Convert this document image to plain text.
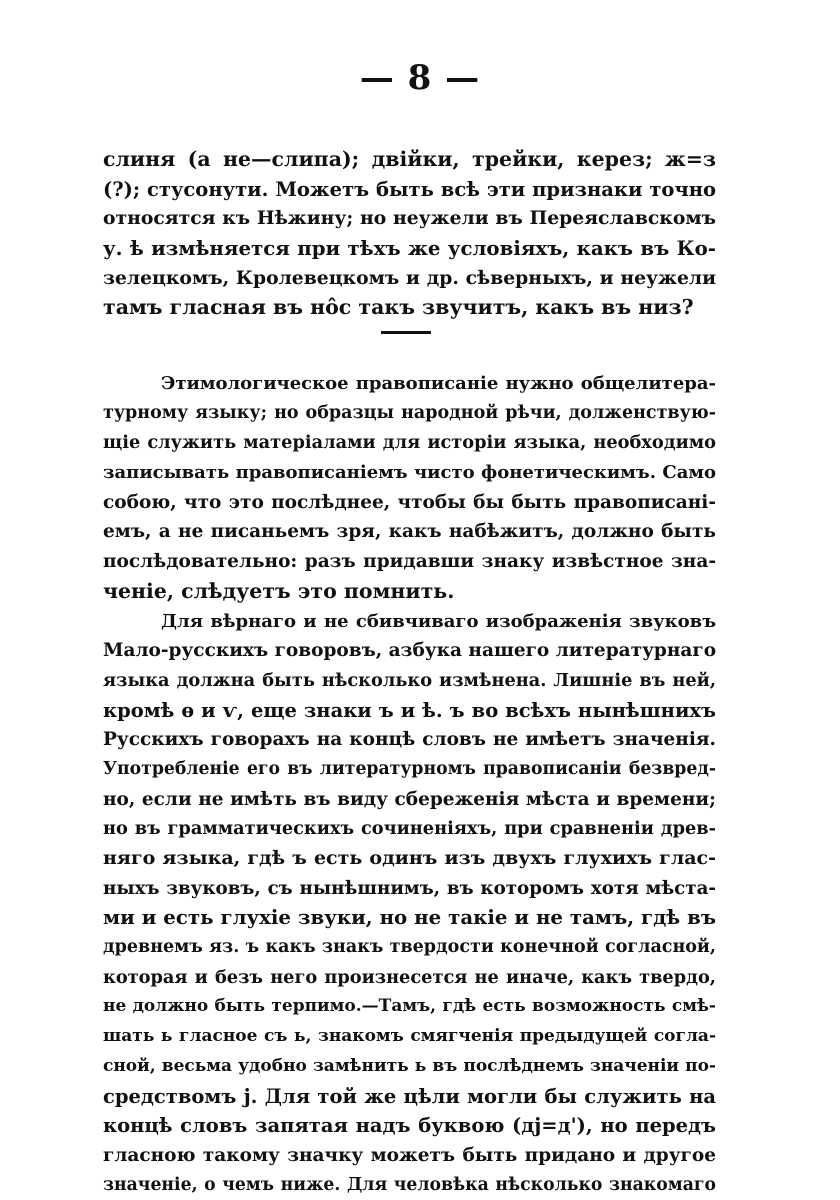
— 8 —
слиня (а не—слипа); двійки, трейки, керез; ж=з
(?); стусонути. Можетъ быть всѣ эти признаки точно
относятся къ Нѣжину; но неужели въ Переяславскомъ
у. ѣ измѣняется при тѣхъ же условіяхъ, какъ въ Ко-
зелецкомъ, Кролевецкомъ и др. сѣверныхъ, и неужели
тамъ гласная въ нôс такъ звучитъ, какъ въ низ?
Этимологическое правописаніе нужно общелитера-
турному языку; но образцы народной рѣчи, долженствую-
щіе служить матеріалами для исторіи языка, необходимо
записывать правописаніемъ чисто фонетическимъ. Само
собою, что это послѣднее, чтобы бы быть правописані-
емъ, а не писаньемъ зря, какъ набѣжитъ, должно быть
послѣдовательно: разъ придавши знаку извѣстное зна-
ченіе, слѣдуетъ это помнить.
Для вѣрнаго и не сбивчиваго изображенія звуковъ
Мало-русскихъ говоровъ, азбука нашего литературнаго
языка должна быть нѣсколько измѣнена. Лишніе въ ней,
кромѣ ѳ и ѵ, еще знаки ъ и ѣ. ъ во всѣхъ нынѣшнихъ
Русскихъ говорахъ на концѣ словъ не имѣетъ значенія.
Употребленіе его въ литературномъ правописаніи безвред-
но, если не имѣть въ виду сбереженія мѣста и времени;
но въ грамматическихъ сочиненіяхъ, при сравненіи древ-
няго языка, гдѣ ъ есть одинъ изъ двухъ глухихъ глас-
ныхъ звуковъ, съ нынѣшнимъ, въ которомъ хотя мѣста-
ми и есть глухіе звуки, но не такіе и не тамъ, гдѣ въ
древнемъ яз. ъ какъ знакъ твердости конечной согласной,
которая и безъ него произнесется не иначе, какъ твердо,
не должно быть терпимо.—Тамъ, гдѣ есть возможность смѣ-
шать ь гласное съ ь, знакомъ смягченія предыдущей согла-
сной, весьма удобно замѣнить ь въ послѣднемъ значеніи по-
средствомъ j. Для той же цѣли могли бы служить на
концѣ словъ запятая надъ буквою (дj=д'), но передъ
гласною такому значку можетъ быть придано и другое
значеніе, о чемъ ниже. Для человѣка нѣсколько знакомаго
